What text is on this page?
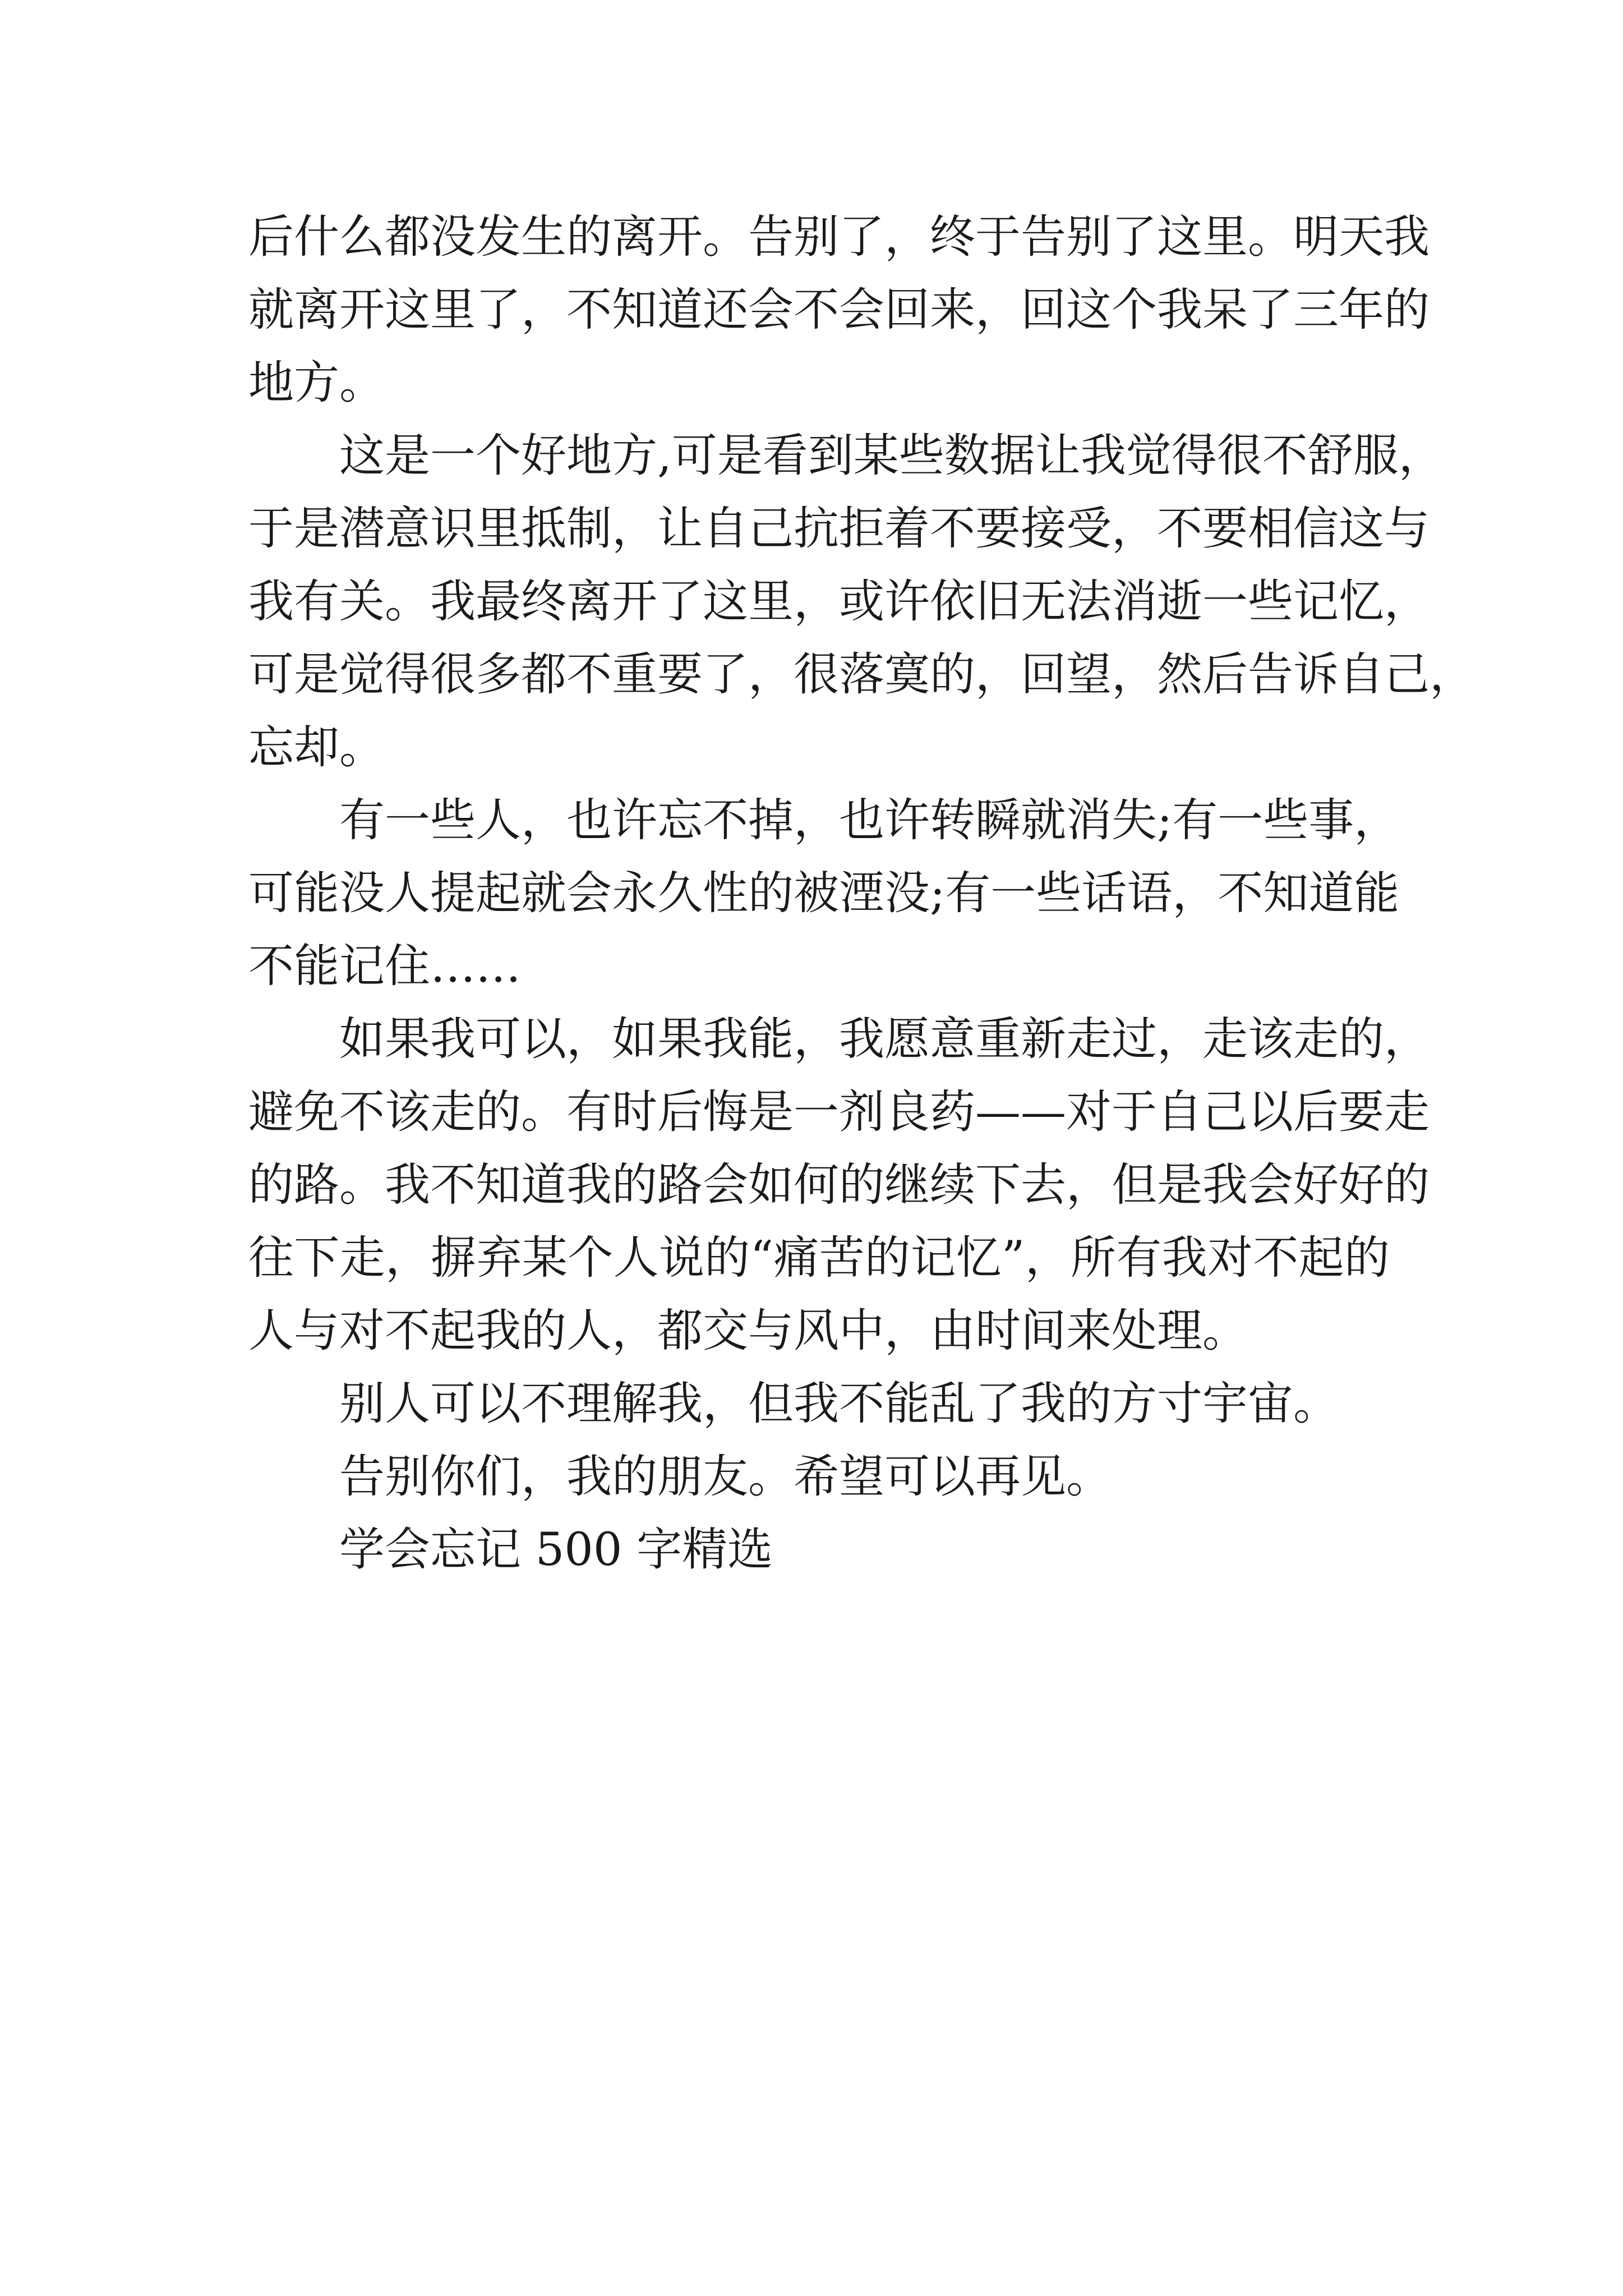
后什么都没发生的离开。告别了，终于告别了这里。明天我
就离开这里了，不知道还会不会回来，回这个我呆了三年的
地方。

这是一个好地方,可是看到某些数据让我觉得很不舒服，
于是潜意识里抵制，让自己抗拒着不要接受，不要相信这与
我有关。我最终离开了这里，或许依旧无法消逝一些记忆，
可是觉得很多都不重要了，很落寞的，回望，然后告诉自己，
忘却。

有一些人，也许忘不掉，也许转瞬就消失;有一些事，
可能没人提起就会永久性的被湮没;有一些话语，不知道能
不能记住……

如果我可以，如果我能，我愿意重新走过，走该走的，
避免不该走的。有时后悔是一剂良药——对于自己以后要走
的路。我不知道我的路会如何的继续下去，但是我会好好的
往下走，摒弃某个人说的“痛苦的记忆”，所有我对不起的
人与对不起我的人，都交与风中，由时间来处理。

别人可以不理解我，但我不能乱了我的方寸宇宙。

告别你们，我的朋友。希望可以再见。

学会忘记 500 字精选
